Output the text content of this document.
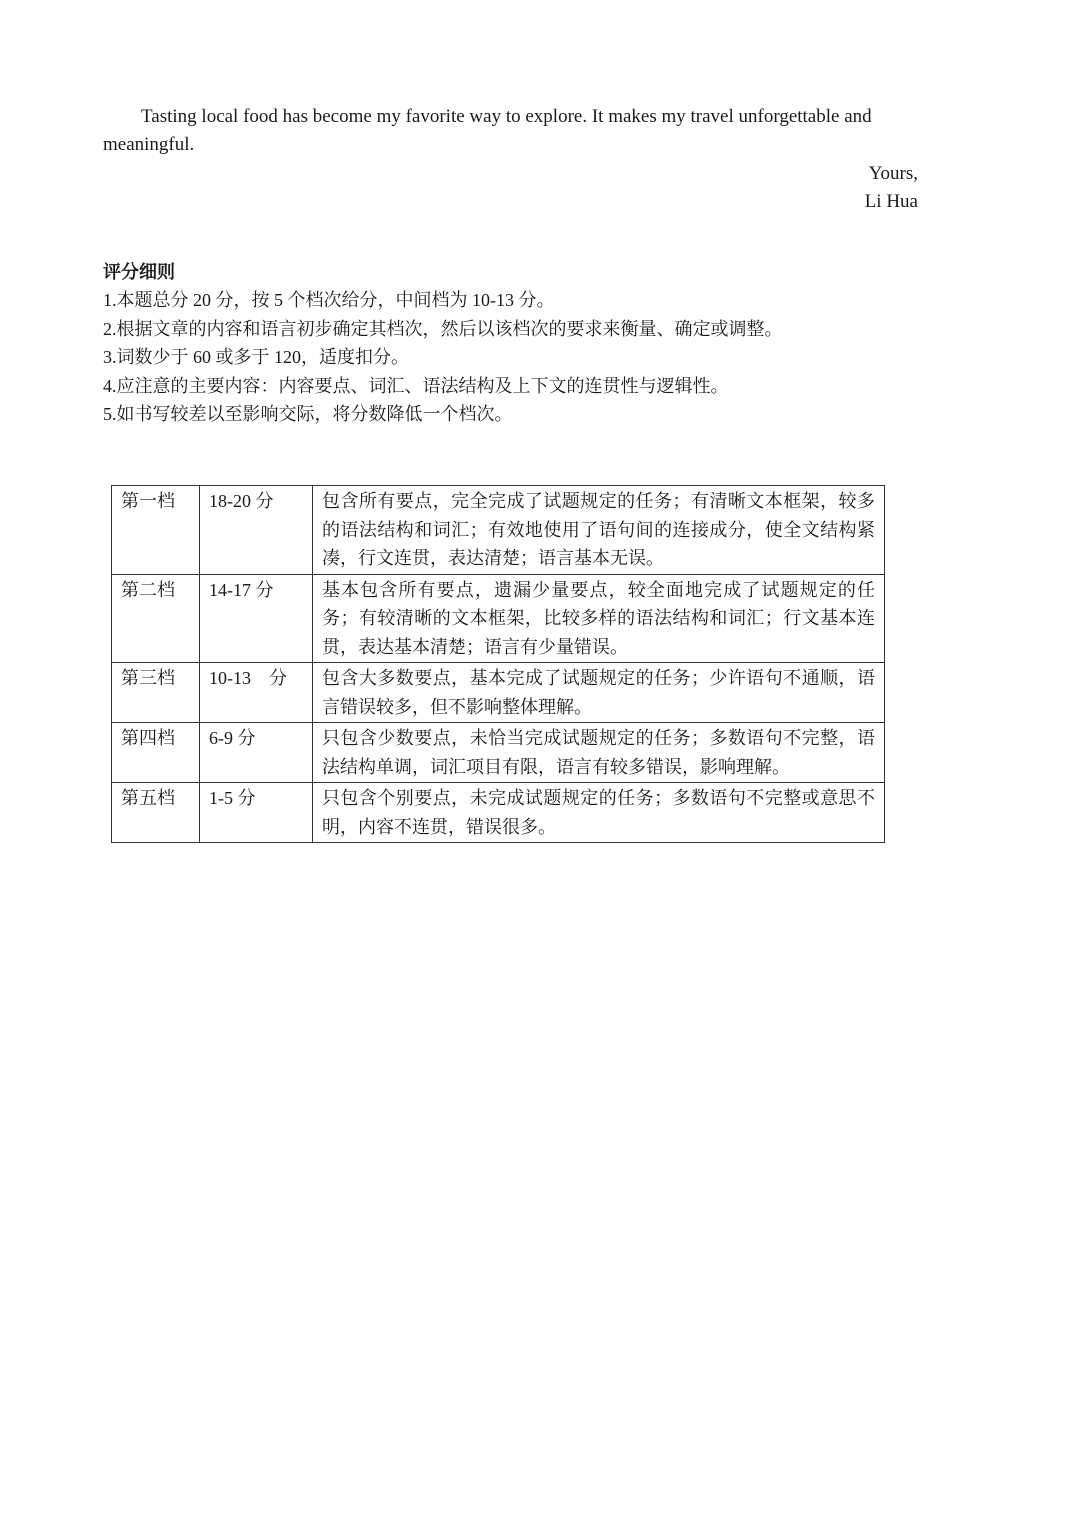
Tasting local food has become my favorite way to explore. It makes my travel unforgettable and meaningful.

Yours,
Li Hua
评分细则
1.本题总分 20 分，按 5 个档次给分，中间档为 10-13 分。
2.根据文章的内容和语言初步确定其档次，然后以该档次的要求来衡量、确定或调整。
3.词数少于 60 或多于 120，适度扣分。
4.应注意的主要内容：内容要点、词汇、语法结构及上下文的连贯性与逻辑性。
5.如书写较差以至影响交际，将分数降低一个档次。
第一档	18-20 分	包含所有要点，完全完成了试题规定的任务；有清晰文本框架，较多的语法结构和词汇；有效地使用了语句间的连接成分，使全文结构紧凑，行文连贯，表达清楚；语言基本无误。
第二档	14-17 分	基本包含所有要点，遗漏少量要点，较全面地完成了试题规定的任务；有较清晰的文本框架，比较多样的语法结构和词汇；行文基本连贯，表达基本清楚；语言有少量错误。
第三档	10-13　分	包含大多数要点，基本完成了试题规定的任务；少许语句不通顺，语言错误较多，但不影响整体理解。
第四档	6-9 分	只包含少数要点，未恰当完成试题规定的任务；多数语句不完整，语法结构单调，词汇项目有限，语言有较多错误，影响理解。
第五档	1-5 分	只包含个别要点，未完成试题规定的任务；多数语句不完整或意思不明，内容不连贯，错误很多。
